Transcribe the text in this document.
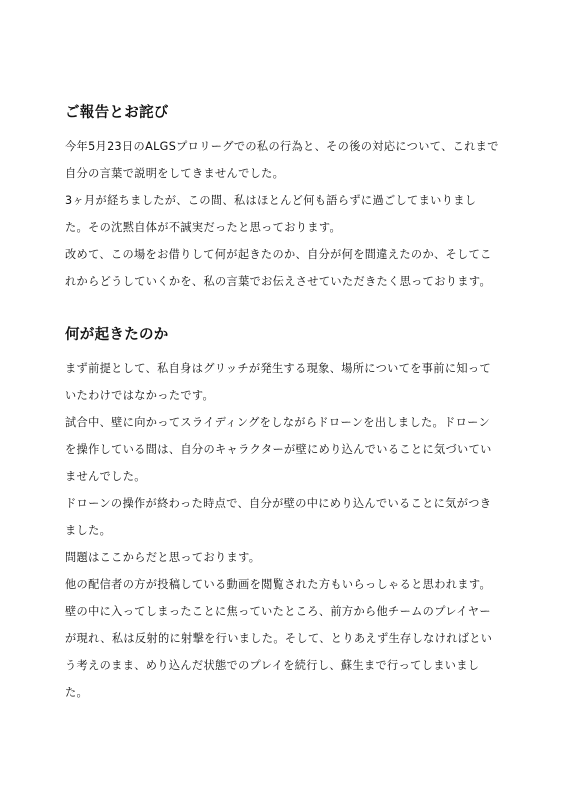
ご報告とお詫び
今年5月23日のALGSプロリーグでの私の行為と、その後の対応について、これまで
自分の言葉で説明をしてきませんでした。
3ヶ月が経ちましたが、この間、私はほとんど何も語らずに過ごしてまいりまし
た。その沈黙自体が不誠実だったと思っております。
改めて、この場をお借りして何が起きたのか、自分が何を間違えたのか、そしてこ
れからどうしていくかを、私の言葉でお伝えさせていただきたく思っております。
何が起きたのか
まず前提として、私自身はグリッチが発生する現象、場所についてを事前に知って
いたわけではなかったです。
試合中、壁に向かってスライディングをしながらドローンを出しました。ドローン
を操作している間は、自分のキャラクターが壁にめり込んでいることに気づいてい
ませんでした。
ドローンの操作が終わった時点で、自分が壁の中にめり込んでいることに気がつき
ました。
問題はここからだと思っております。
他の配信者の方が投稿している動画を閲覧された方もいらっしゃると思われます。
壁の中に入ってしまったことに焦っていたところ、前方から他チームのプレイヤー
が現れ、私は反射的に射撃を行いました。そして、とりあえず生存しなければとい
う考えのまま、めり込んだ状態でのプレイを続行し、蘇生まで行ってしまいまし
た。
